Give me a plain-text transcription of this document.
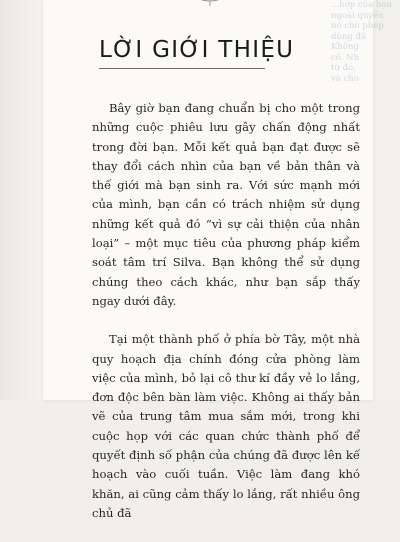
...hợp của bạn
ngoài quyền
nó cho phép
dùng đã
Không
có. Nh
từ đó,
và cho
LỜI GIỚI THIỆU

Bây giờ bạn đang chuẩn bị cho một trong những cuộc phiêu lưu gây chấn động nhất trong đời bạn. Mỗi kết quả bạn đạt được sẽ thay đổi cách nhìn của bạn về bản thân và thế giới mà bạn sinh ra. Với sức mạnh mới của mình, bạn cần có trách nhiệm sử dụng những kết quả đó “vì sự cải thiện của nhân loại” – một mục tiêu của phương pháp kiểm soát tâm trí Silva. Bạn không thể sử dụng chúng theo cách khác, như bạn sắp thấy ngay dưới đây.

Tại một thành phố ở phía bờ Tây, một nhà quy hoạch địa chính đóng cửa phòng làm việc của mình, bỏ lại cô thư kí đầy vẻ lo lắng, đơn độc bên bàn làm việc. Không ai thấy bản vẽ của trung tâm mua sắm mới, trong khi cuộc họp với các quan chức thành phố để quyết định số phận của chúng đã được lên kế hoạch vào cuối tuần. Việc làm đang khó khăn, ai cũng cảm thấy lo lắng, rất nhiều ông chủ đã
